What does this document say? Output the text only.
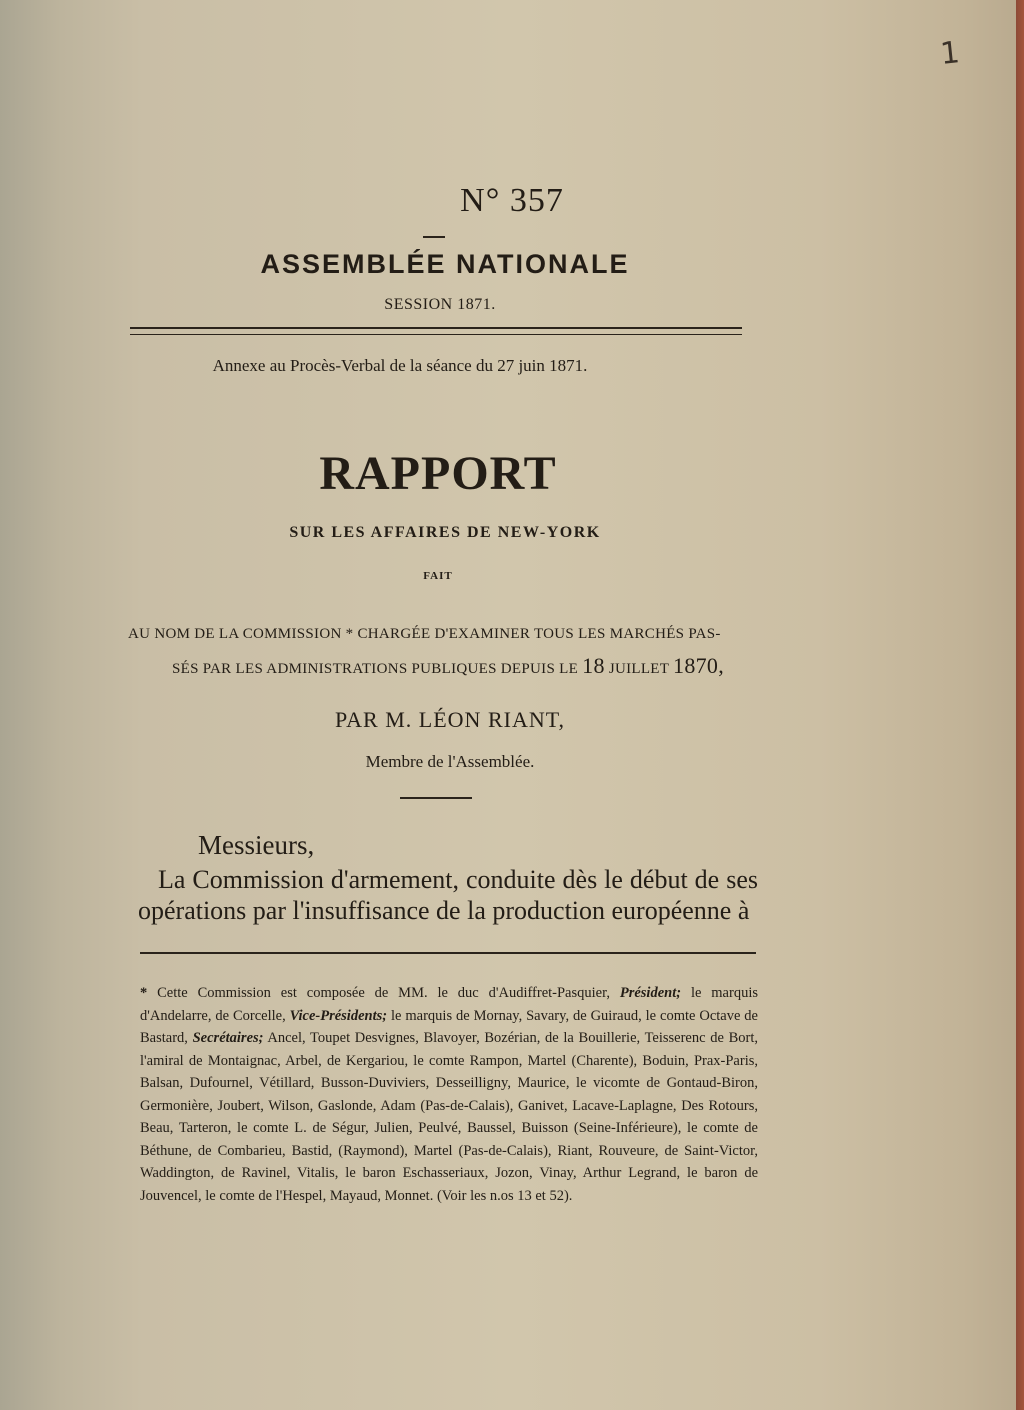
1
N° 357
ASSEMBLÉE NATIONALE
SESSION 1871.
Annexe au Procès-Verbal de la séance du 27 juin 1871.
RAPPORT
SUR LES AFFAIRES DE NEW-YORK
FAIT
AU NOM DE LA COMMISSION * CHARGÉE D'EXAMINER TOUS LES MARCHÉS PAS-
SÉS PAR LES ADMINISTRATIONS PUBLIQUES DEPUIS LE 18 JUILLET 1870,
PAR M. LÉON RIANT,
Membre de l'Assemblée.
Messieurs,
La Commission d'armement, conduite dès le début de ses opérations par l'insuffisance de la production européenne à
* Cette Commission est composée de MM. le duc d'Audiffret-Pasquier, Président; le marquis d'Andelarre, de Corcelle, Vice-Présidents; le marquis de Mornay, Savary, de Guiraud, le comte Octave de Bastard, Secrétaires; Ancel, Toupet Desvignes, Blavoyer, Bozérian, de la Bouillerie, Teisserenc de Bort, l'amiral de Montaignac, Arbel, de Kergariou, le comte Rampon, Martel (Charente), Boduin, Prax-Paris, Balsan, Dufournel, Vétillard, Busson-Duviviers, Desseilligny, Maurice, le vicomte de Gontaud-Biron, Germonière, Joubert, Wilson, Gaslonde, Adam (Pas-de-Calais), Ganivet, Lacave-Laplagne, Des Rotours, Beau, Tarteron, le comte L. de Ségur, Julien, Peulvé, Baussel, Buisson (Seine-Inférieure), le comte de Béthune, de Combarieu, Bastid, (Raymond), Martel (Pas-de-Calais), Riant, Rouveure, de Saint-Victor, Waddington, de Ravinel, Vitalis, le baron Eschasseriaux, Jozon, Vinay, Arthur Legrand, le baron de Jouvencel, le comte de l'Hespel, Mayaud, Monnet. (Voir les n.os 13 et 52).
